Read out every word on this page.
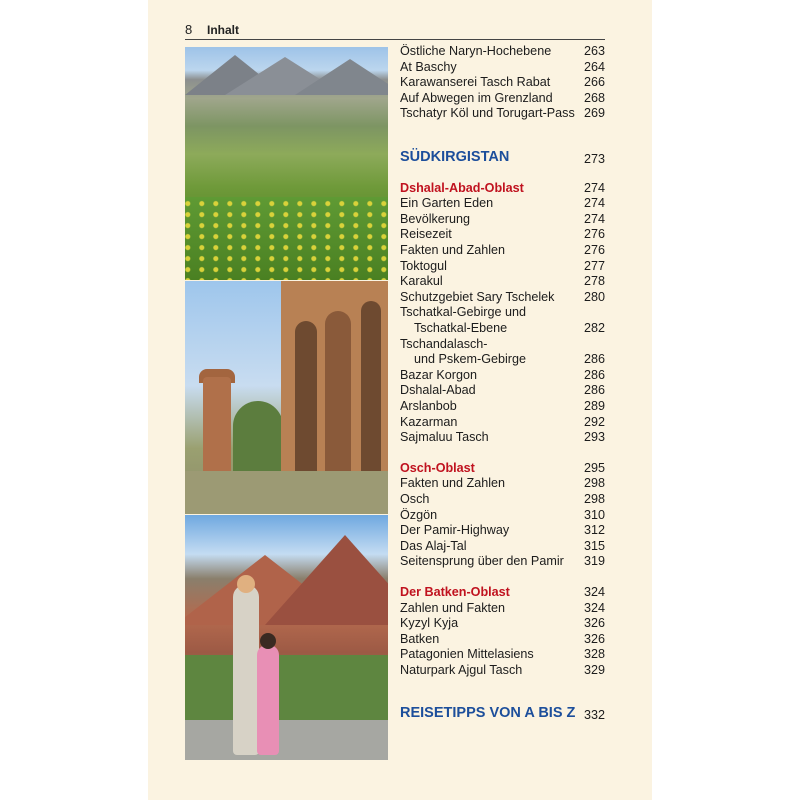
8 Inhalt
Östliche Naryn-Hochebene	263
At Baschy	264
Karawanserei Tasch Rabat	266
Auf Abwegen im Grenzland 268
Tschatyr Köl und Torugart-Pass 269
SÜDKIRGISTAN	273
Dshalal-Abad-Oblast	274
Ein Garten Eden	274
Bevölkerung	274
Reisezeit	276
Fakten und Zahlen	276
Toktogul	277
Karakul	278
Schutzgebiet Sary Tschelek 280
Tschatkal-Gebirge und
Tschatkal-Ebene	282
Tschandalasch-
und Pskem-Gebirge	286
Bazar Korgon	286
Dshalal-Abad	286
Arslanbob	289
Kazarman	292
Sajmaluu Tasch	293
Osch-Oblast	295
Fakten und Zahlen	298
Osch	298
Özgön	310
Der Pamir-Highway	312
Das Alaj-Tal	315
Seitensprung über den Pamir 319
Der Batken-Oblast	324
Zahlen und Fakten	324
Kyzyl Kyja	326
Batken	326
Patagonien Mittelasiens	328
Naturpark Ajgul Tasch	329
REISETIPPS VON A BIS Z 332
